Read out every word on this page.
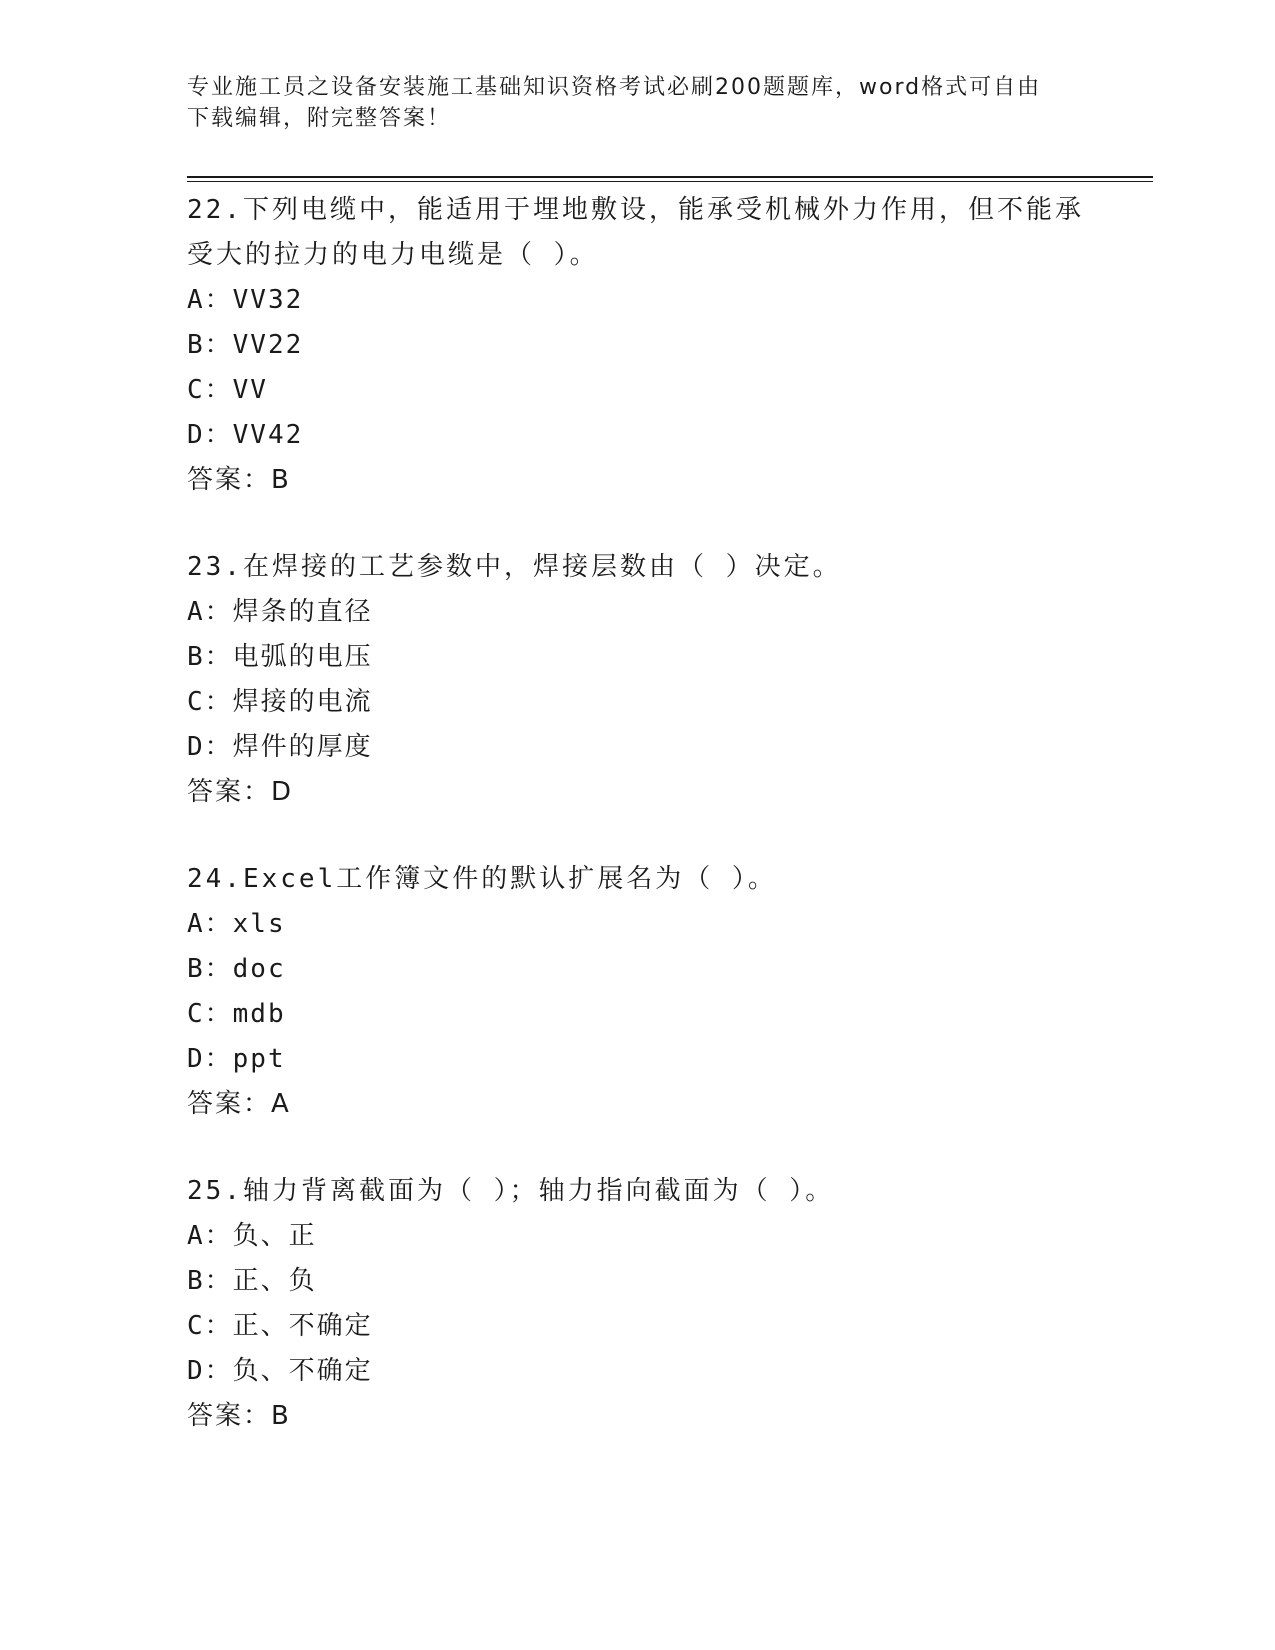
专业施工员之设备安装施工基础知识资格考试必刷200题题库，word格式可自由
下载编辑，附完整答案！

22.下列电缆中，能适用于埋地敷设，能承受机械外力作用，但不能承

受大的拉力的电力电缆是（ ）。

A：VV32

B：VV22

C：VV

D：VV42

答案：B

23.在焊接的工艺参数中，焊接层数由（ ）决定。

A：焊条的直径

B：电弧的电压

C：焊接的电流

D：焊件的厚度

答案：D

24.Excel工作簿文件的默认扩展名为（ ）。

A：xls

B：doc

C：mdb

D：ppt

答案：A

25.轴力背离截面为（ ）；轴力指向截面为（ ）。

A：负、正

B：正、负

C：正、不确定

D：负、不确定

答案：B
